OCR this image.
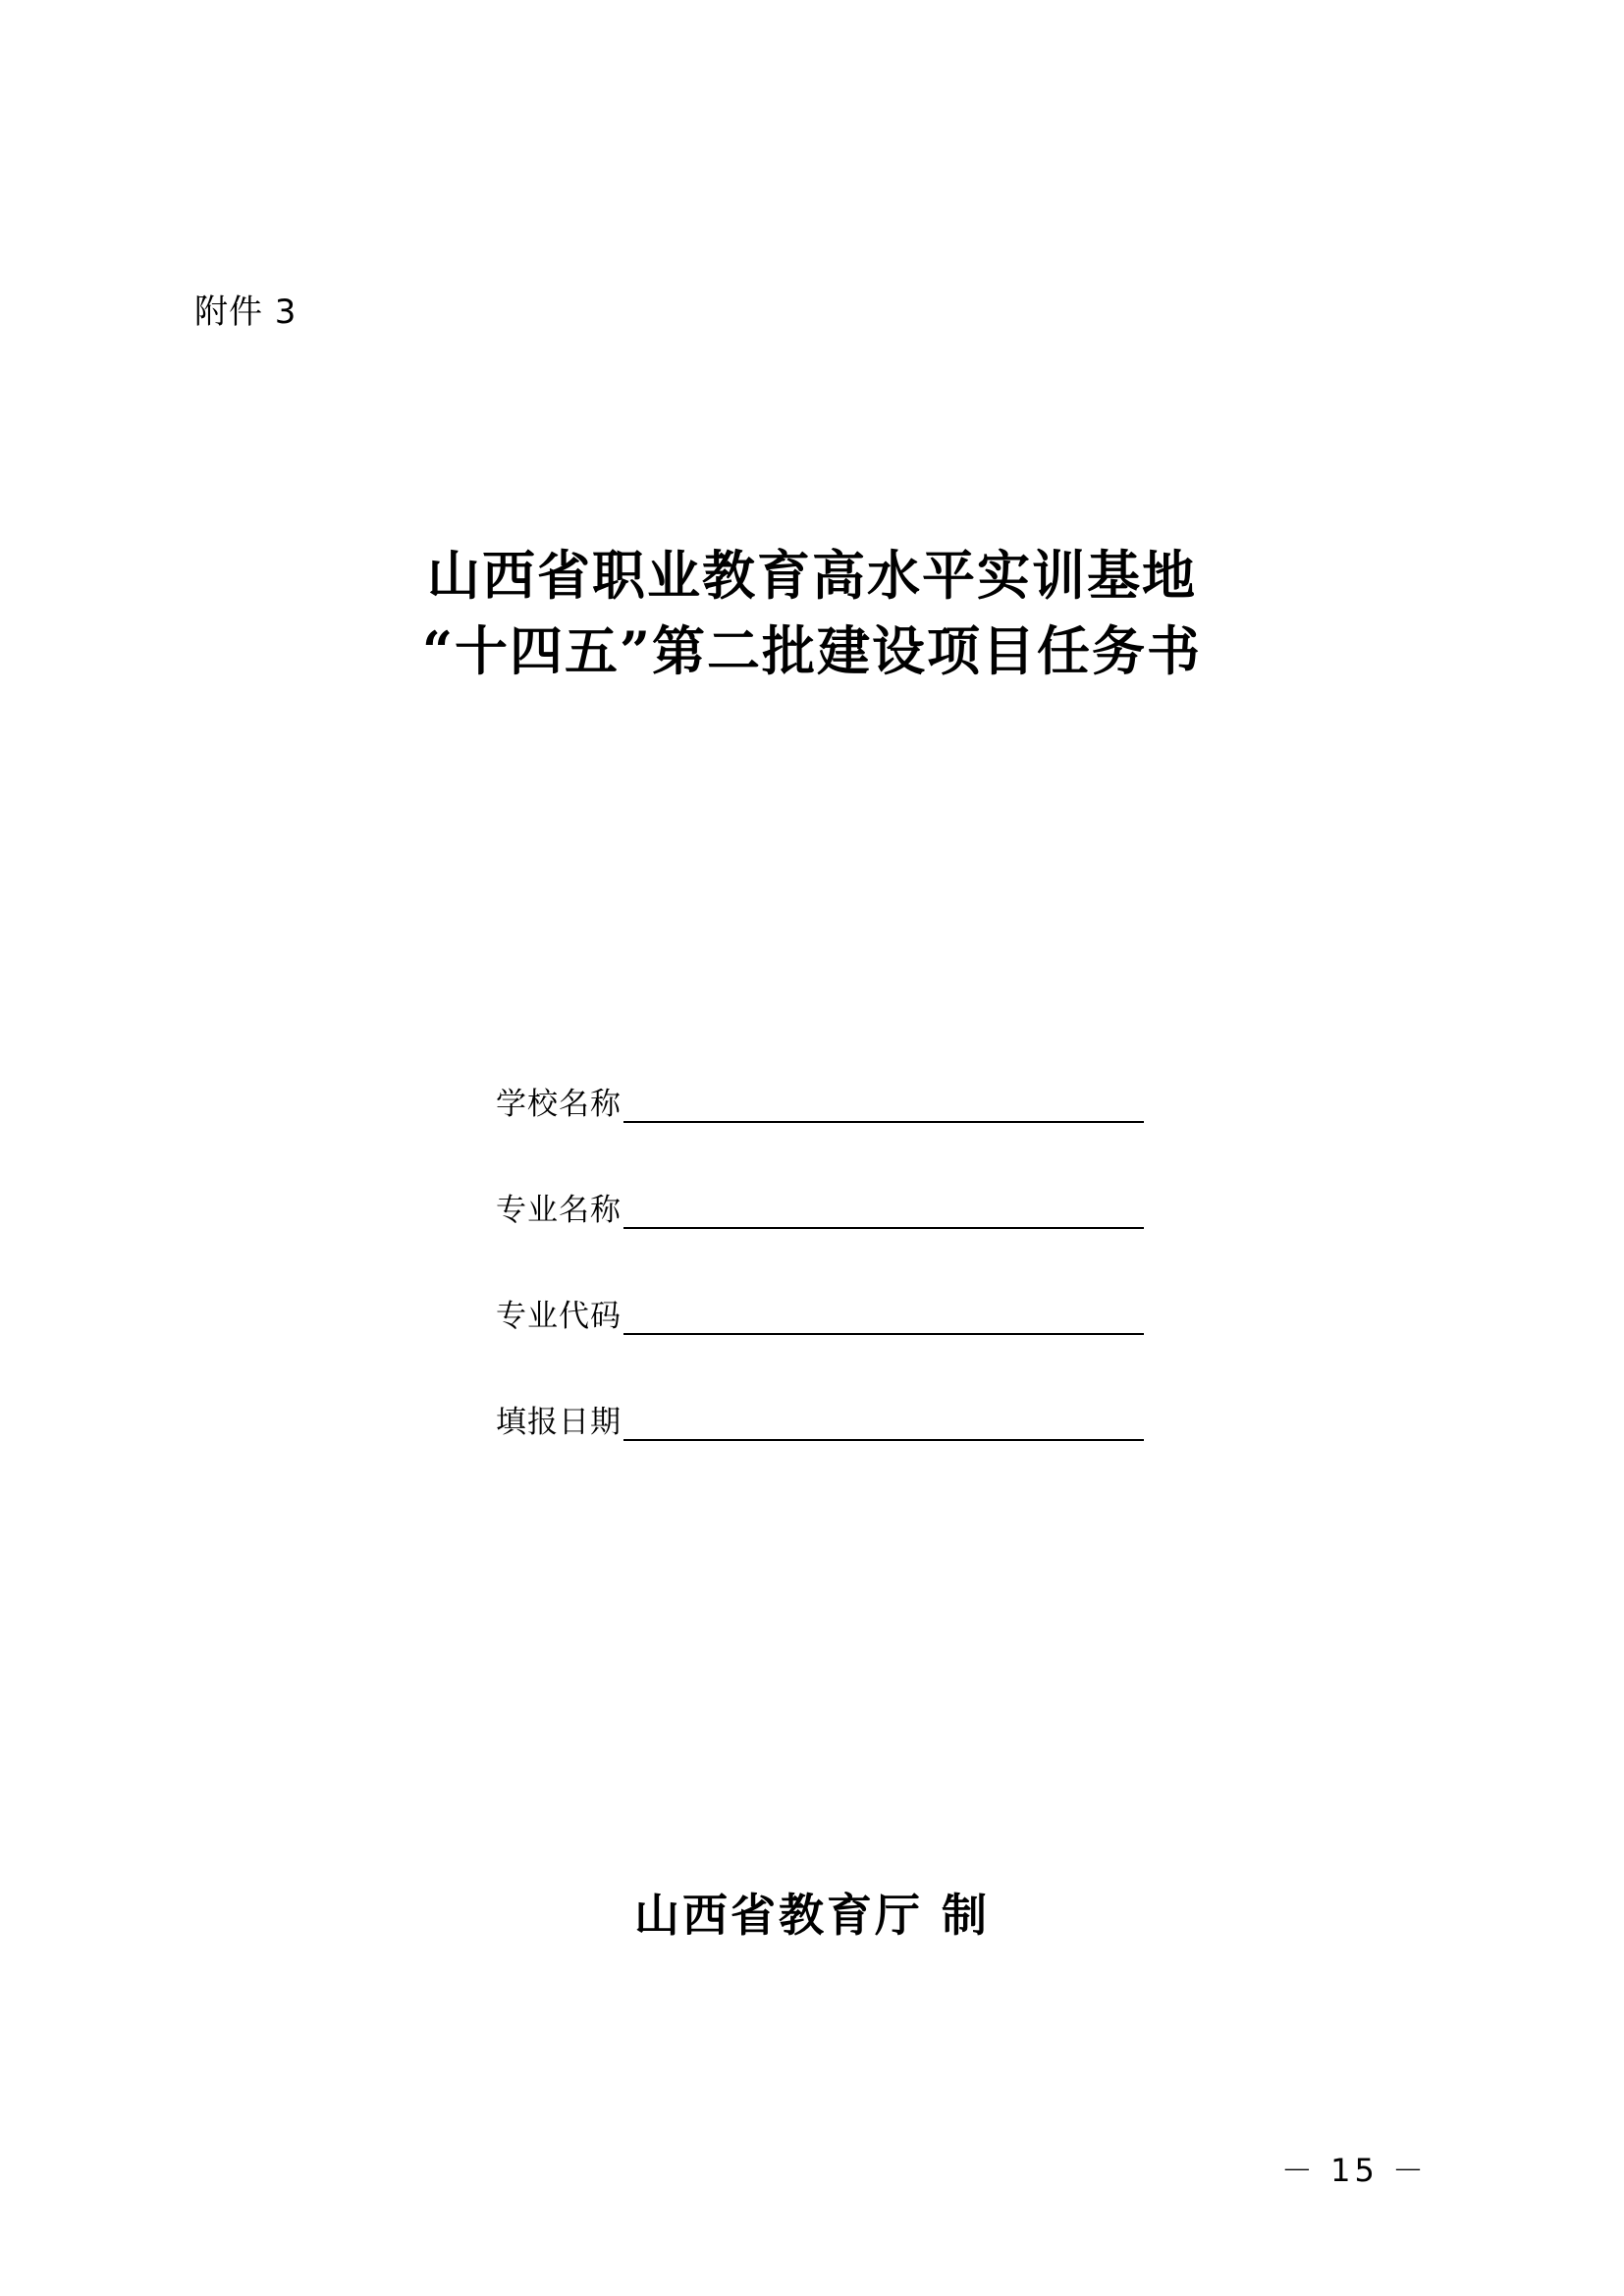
附件 3
山西省职业教育高水平实训基地
“十四五”第二批建设项目任务书
学校名称
专业名称
专业代码
填报日期
山西省教育厅 制
－ 15 －
